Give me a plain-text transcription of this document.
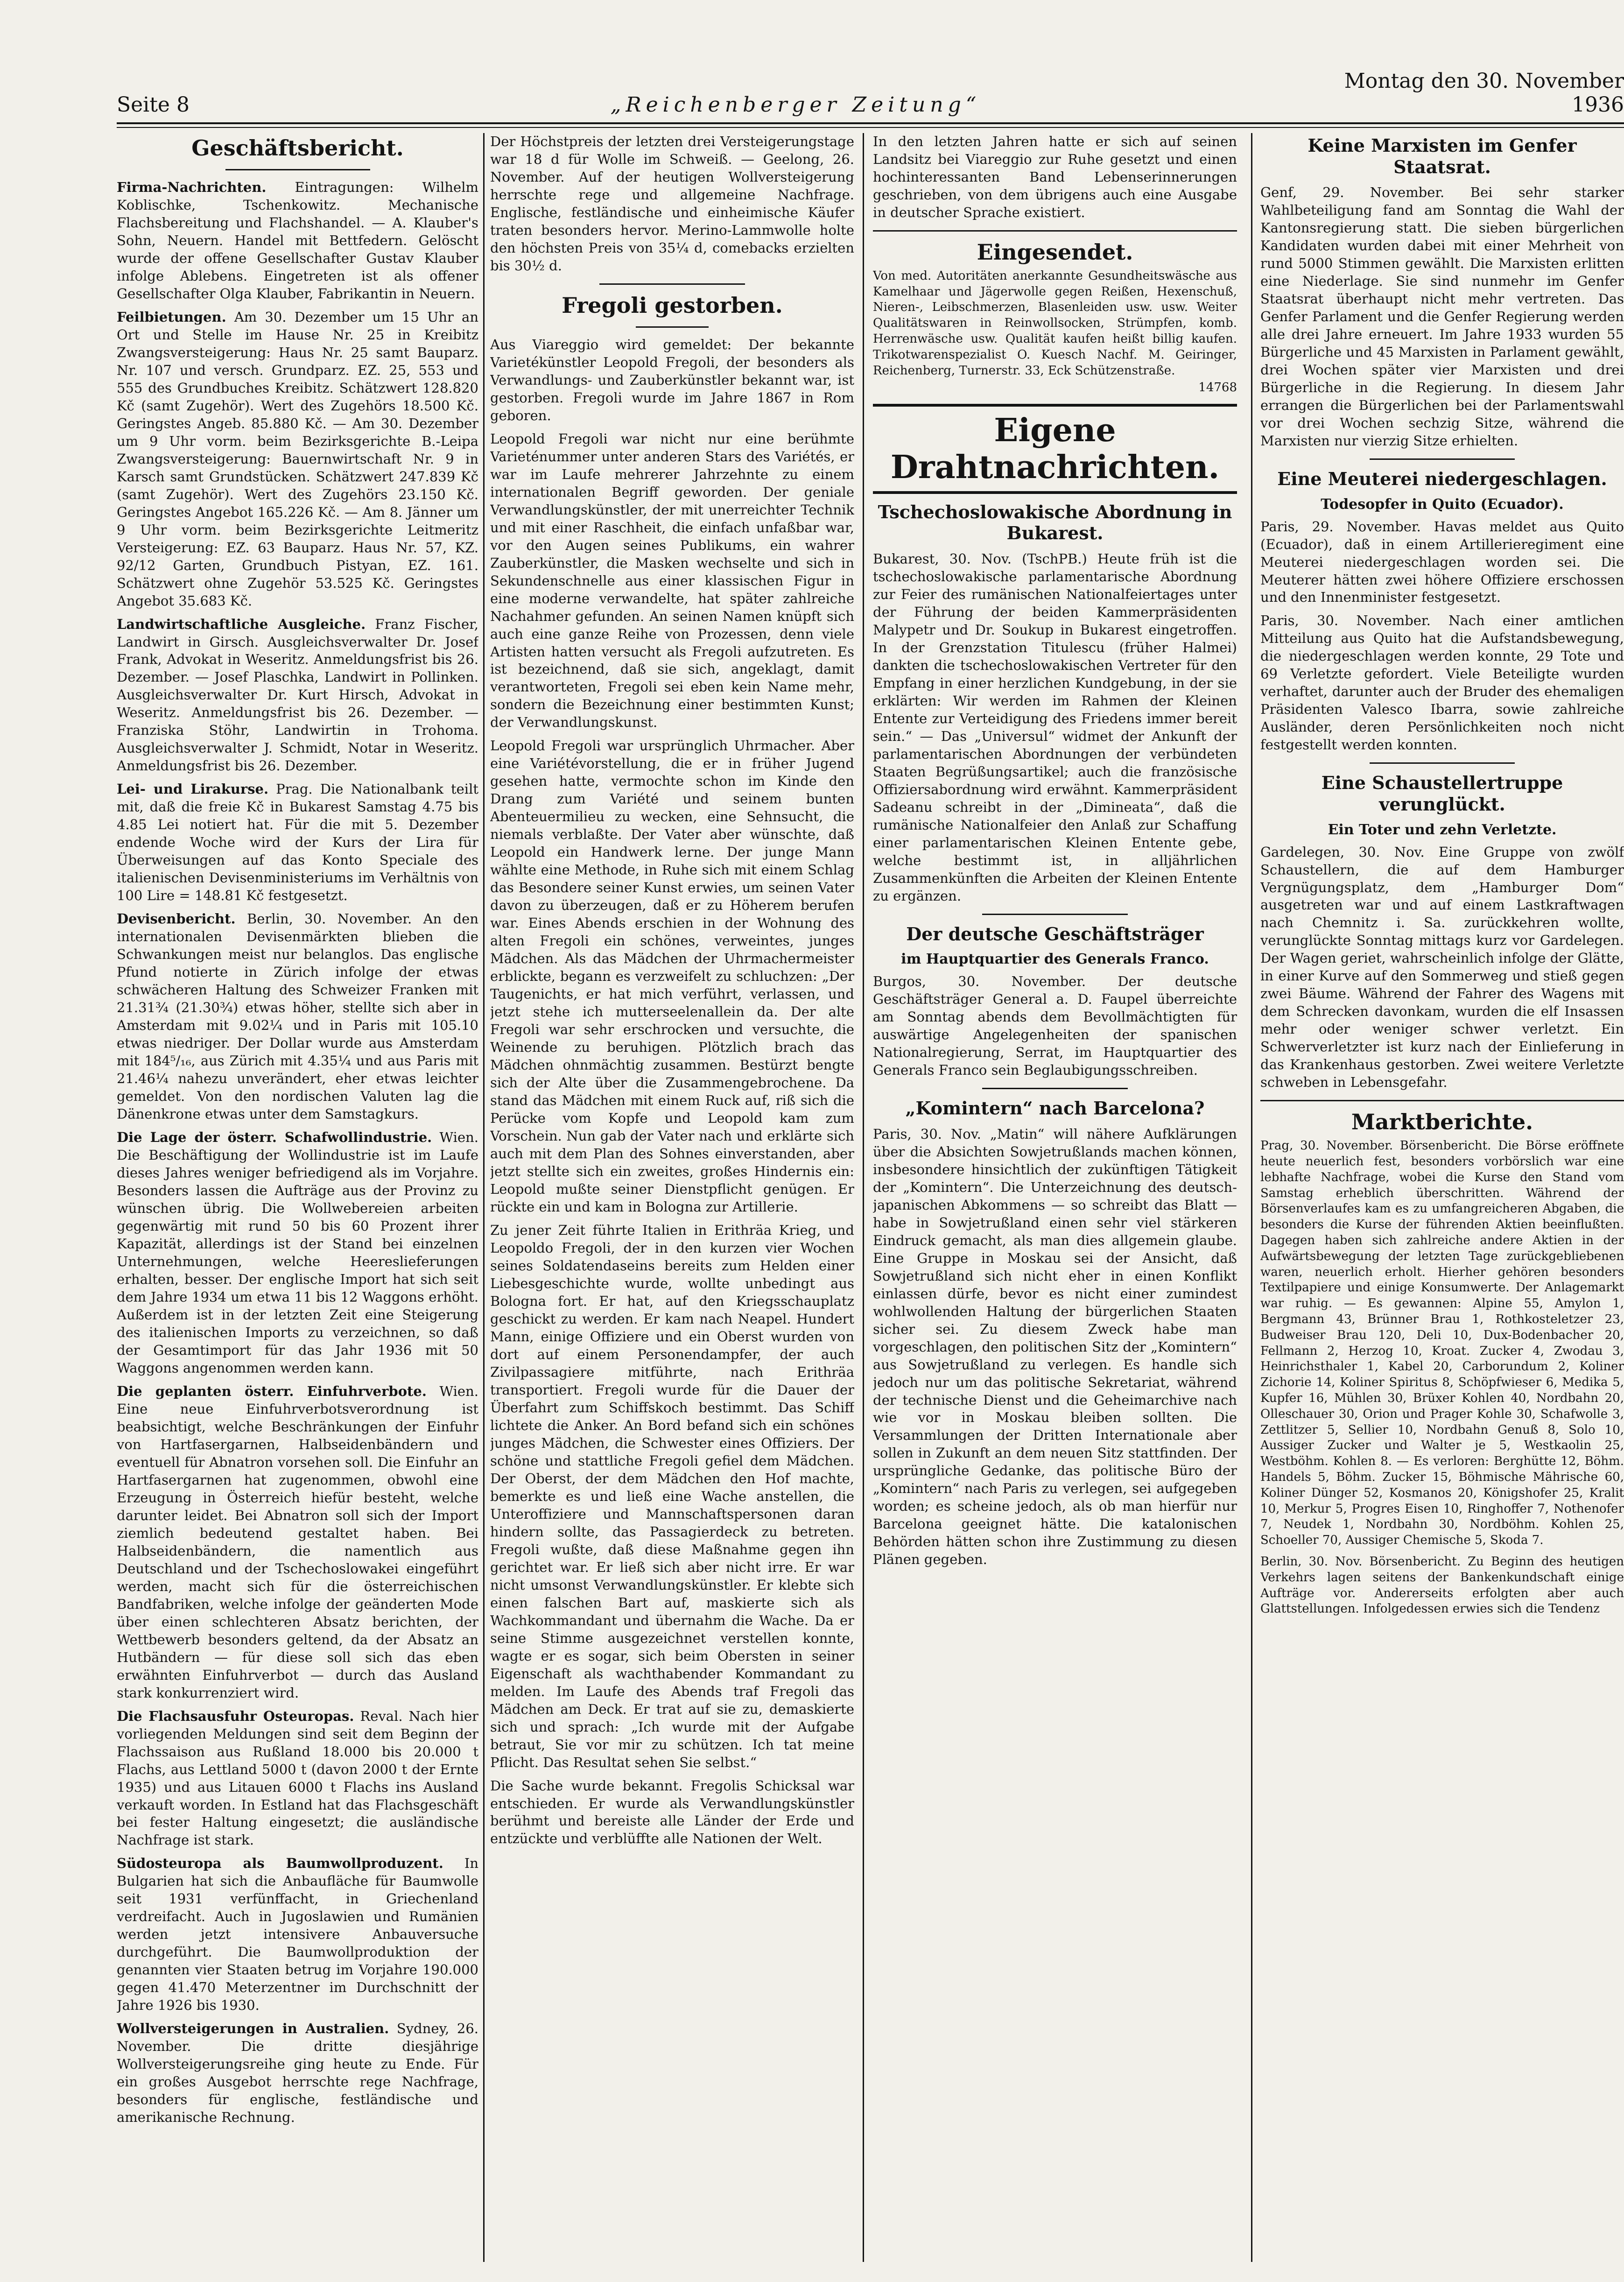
Seite 8	„Reichenberger Zeitung“
Montag den 30. November 1936
Geschäftsbericht.

Firma-Nachrichten. Eintragungen: Wilhelm Koblischke, Tschenkowitz. Mechanische Flachsbereitung und Flachshandel. — A. Klauber's Sohn, Neuern. Handel mit Bettfedern. Gelöscht wurde der offene Gesellschafter Gustav Klauber infolge Ablebens. Eingetreten ist als offener Gesellschafter Olga Klauber, Fabrikantin in Neuern.

Feilbietungen. Am 30. Dezember um 15 Uhr an Ort und Stelle im Hause Nr. 25 in Kreibitz Zwangsversteigerung: Haus Nr. 25 samt Bauparz. Nr. 107 und versch. Grundparz. EZ. 25, 553 und 555 des Grundbuches Kreibitz. Schätzwert 128.820 Kč (samt Zugehör). Wert des Zugehörs 18.500 Kč. Geringstes Angeb. 85.880 Kč. — Am 30. Dezember um 9 Uhr vorm. beim Bezirksgerichte B.-Leipa Zwangsversteigerung: Bauernwirtschaft Nr. 9 in Karsch samt Grundstücken. Schätzwert 247.839 Kč (samt Zugehör). Wert des Zugehörs 23.150 Kč. Geringstes Angebot 165.226 Kč. — Am 8. Jänner um 9 Uhr vorm. beim Bezirksgerichte Leitmeritz Versteigerung: EZ. 63 Bauparz. Haus Nr. 57, KZ. 92/12 Garten, Grundbuch Pistyan, EZ. 161. Schätzwert ohne Zugehör 53.525 Kč. Geringstes Angebot 35.683 Kč.

Landwirtschaftliche Ausgleiche. Franz Fischer, Landwirt in Girsch. Ausgleichsverwalter Dr. Josef Frank, Advokat in Weseritz. Anmeldungsfrist bis 26. Dezember. — Josef Plaschka, Landwirt in Pollinken. Ausgleichsverwalter Dr. Kurt Hirsch, Advokat in Weseritz. Anmeldungsfrist bis 26. Dezember. — Franziska Stöhr, Landwirtin in Trohoma. Ausgleichsverwalter J. Schmidt, Notar in Weseritz. Anmeldungsfrist bis 26. Dezember.

Lei- und Lirakurse. Prag. Die Nationalbank teilt mit, daß die freie Kč in Bukarest Samstag 4.75 bis 4.85 Lei notiert hat. Für die mit 5. Dezember endende Woche wird der Kurs der Lira für Überweisungen auf das Konto Speciale des italienischen Devisenministeriums im Verhältnis von 100 Lire = 148.81 Kč festgesetzt.

Devisenbericht. Berlin, 30. November. An den internationalen Devisenmärkten blieben die Schwankungen meist nur belanglos. Das englische Pfund notierte in Zürich infolge der etwas schwächeren Haltung des Schweizer Franken mit 21.31¾ (21.30¾) etwas höher, stellte sich aber in Amsterdam mit 9.02¼ und in Paris mit 105.10 etwas niedriger. Der Dollar wurde aus Amsterdam mit 184⁵/₁₆, aus Zürich mit 4.35¼ und aus Paris mit 21.46¼ nahezu unverändert, eher etwas leichter gemeldet. Von den nordischen Valuten lag die Dänenkrone etwas unter dem Samstagkurs.

Die Lage der österr. Schafwollindustrie. Wien. Die Beschäftigung der Wollindustrie ist im Laufe dieses Jahres weniger befriedigend als im Vorjahre. Besonders lassen die Aufträge aus der Provinz zu wünschen übrig. Die Wollwebereien arbeiten gegenwärtig mit rund 50 bis 60 Prozent ihrer Kapazität, allerdings ist der Stand bei einzelnen Unternehmungen, welche Heereslieferungen erhalten, besser. Der englische Import hat sich seit dem Jahre 1934 um etwa 11 bis 12 Waggons erhöht. Außerdem ist in der letzten Zeit eine Steigerung des italienischen Imports zu verzeichnen, so daß der Gesamtimport für das Jahr 1936 mit 50 Waggons angenommen werden kann.

Die geplanten österr. Einfuhrverbote. Wien. Eine neue Einfuhrverbotsverordnung ist beabsichtigt, welche Beschränkungen der Einfuhr von Hartfasergarnen, Halbseidenbändern und eventuell für Abnatron vorsehen soll. Die Einfuhr an Hartfasergarnen hat zugenommen, obwohl eine Erzeugung in Österreich hiefür besteht, welche darunter leidet. Bei Abnatron soll sich der Import ziemlich bedeutend gestaltet haben. Bei Halbseidenbändern, die namentlich aus Deutschland und der Tschechoslowakei eingeführt werden, macht sich für die österreichischen Bandfabriken, welche infolge der geänderten Mode über einen schlechteren Absatz berichten, der Wettbewerb besonders geltend, da der Absatz an Hutbändern — für diese soll sich das eben erwähnten Einfuhrverbot — durch das Ausland stark konkurrenziert wird.

Die Flachsausfuhr Osteuropas. Reval. Nach hier vorliegenden Meldungen sind seit dem Beginn der Flachssaison aus Rußland 18.000 bis 20.000 t Flachs, aus Lettland 5000 t (davon 2000 t der Ernte 1935) und aus Litauen 6000 t Flachs ins Ausland verkauft worden. In Estland hat das Flachsgeschäft bei fester Haltung eingesetzt; die ausländische Nachfrage ist stark.

Südosteuropa als Baumwollproduzent. In Bulgarien hat sich die Anbaufläche für Baumwolle seit 1931 verfünffacht, in Griechenland verdreifacht. Auch in Jugoslawien und Rumänien werden jetzt intensivere Anbauversuche durchgeführt. Die Baumwollproduktion der genannten vier Staaten betrug im Vorjahre 190.000 gegen 41.470 Meterzentner im Durchschnitt der Jahre 1926 bis 1930.

Wollversteigerungen in Australien. Sydney, 26. November. Die dritte diesjährige Wollversteigerungsreihe ging heute zu Ende. Für ein großes Ausgebot herrschte rege Nachfrage, besonders für englische, festländische und amerikanische Rechnung.

Der Höchstpreis der letzten drei Versteigerungstage war 18 d für Wolle im Schweiß. — Geelong, 26. November. Auf der heutigen Wollversteigerung herrschte rege und allgemeine Nachfrage. Englische, festländische und einheimische Käufer traten besonders hervor. Merino-Lammwolle holte den höchsten Preis von 35¼ d, comebacks erzielten bis 30½ d.

Fregoli gestorben.

Aus Viareggio wird gemeldet: Der bekannte Varietékünstler Leopold Fregoli, der besonders als Verwandlungs- und Zauberkünstler bekannt war, ist gestorben. Fregoli wurde im Jahre 1867 in Rom geboren.

Leopold Fregoli war nicht nur eine berühmte Varieténummer unter anderen Stars des Variétés, er war im Laufe mehrerer Jahrzehnte zu einem internationalen Begriff geworden. Der geniale Verwandlungskünstler, der mit unerreichter Technik und mit einer Raschheit, die einfach unfaßbar war, vor den Augen seines Publikums, ein wahrer Zauberkünstler, die Masken wechselte und sich in Sekundenschnelle aus einer klassischen Figur in eine moderne verwandelte, hat später zahlreiche Nachahmer gefunden. An seinen Namen knüpft sich auch eine ganze Reihe von Prozessen, denn viele Artisten hatten versucht als Fregoli aufzutreten. Es ist bezeichnend, daß sie sich, angeklagt, damit verantworteten, Fregoli sei eben kein Name mehr, sondern die Bezeichnung einer bestimmten Kunst; der Verwandlungskunst.

Leopold Fregoli war ursprünglich Uhrmacher. Aber eine Variétévorstellung, die er in früher Jugend gesehen hatte, vermochte schon im Kinde den Drang zum Variété und seinem bunten Abenteuermilieu zu wecken, eine Sehnsucht, die niemals verblaßte. Der Vater aber wünschte, daß Leopold ein Handwerk lerne. Der junge Mann wählte eine Methode, in Ruhe sich mit einem Schlag das Besondere seiner Kunst erwies, um seinen Vater davon zu überzeugen, daß er zu Höherem berufen war. Eines Abends erschien in der Wohnung des alten Fregoli ein schönes, verweintes, junges Mädchen. Als das Mädchen der Uhrmachermeister erblickte, begann es verzweifelt zu schluchzen: „Der Taugenichts, er hat mich verführt, verlassen, und jetzt stehe ich mutterseelenallein da. Der alte Fregoli war sehr erschrocken und versuchte, die Weinende zu beruhigen. Plötzlich brach das Mädchen ohnmächtig zusammen. Bestürzt bengte sich der Alte über die Zusammengebrochene. Da stand das Mädchen mit einem Ruck auf, riß sich die Perücke vom Kopfe und Leopold kam zum Vorschein. Nun gab der Vater nach und erklärte sich auch mit dem Plan des Sohnes einverstanden, aber jetzt stellte sich ein zweites, großes Hindernis ein: Leopold mußte seiner Dienstpflicht genügen. Er rückte ein und kam in Bologna zur Artillerie.

Zu jener Zeit führte Italien in Erithräa Krieg, und Leopoldo Fregoli, der in den kurzen vier Wochen seines Soldatendaseins bereits zum Helden einer Liebesgeschichte wurde, wollte unbedingt aus Bologna fort. Er hat, auf den Kriegsschauplatz geschickt zu werden. Er kam nach Neapel. Hundert Mann, einige Offiziere und ein Oberst wurden von dort auf einem Personendampfer, der auch Zivilpassagiere mitführte, nach Erithräa transportiert. Fregoli wurde für die Dauer der Überfahrt zum Schiffskoch bestimmt. Das Schiff lichtete die Anker. An Bord befand sich ein schönes junges Mädchen, die Schwester eines Offiziers. Der schöne und stattliche Fregoli gefiel dem Mädchen. Der Oberst, der dem Mädchen den Hof machte, bemerkte es und ließ eine Wache anstellen, die Unteroffiziere und Mannschaftspersonen daran hindern sollte, das Passagierdeck zu betreten. Fregoli wußte, daß diese Maßnahme gegen ihn gerichtet war. Er ließ sich aber nicht irre. Er war nicht umsonst Verwandlungskünstler. Er klebte sich einen falschen Bart auf, maskierte sich als Wachkommandant und übernahm die Wache. Da er seine Stimme ausgezeichnet verstellen konnte, wagte er es sogar, sich beim Obersten in seiner Eigenschaft als wachthabender Kommandant zu melden. Im Laufe des Abends traf Fregoli das Mädchen am Deck. Er trat auf sie zu, demaskierte sich und sprach: „Ich wurde mit der Aufgabe betraut, Sie vor mir zu schützen. Ich tat meine Pflicht. Das Resultat sehen Sie selbst.“

Die Sache wurde bekannt. Fregolis Schicksal war entschieden. Er wurde als Verwandlungskünstler berühmt und bereiste alle Länder der Erde und entzückte und verblüffte alle Nationen der Welt.

In den letzten Jahren hatte er sich auf seinen Landsitz bei Viareggio zur Ruhe gesetzt und einen hochinteressanten Band Lebenserinnerungen geschrieben, von dem übrigens auch eine Ausgabe in deutscher Sprache existiert.

Eingesendet.

Von med. Autoritäten anerkannte Gesundheitswäsche aus Kamelhaar und Jägerwolle gegen Reißen, Hexenschuß, Nieren-, Leibschmerzen, Blasenleiden usw. usw. Weiter Qualitätswaren in Reinwollsocken, Strümpfen, komb. Herrenwäsche usw. Qualität kaufen heißt billig kaufen. Trikotwarenspezialist O. Kuesch Nachf. M. Geiringer, Reichenberg, Turnerstr. 33, Eck Schützenstraße.

14768
Eigene Drahtnachrichten.
Tschechoslowakische Abordnung in Bukarest.

Bukarest, 30. Nov. (TschPB.) Heute früh ist die tschechoslowakische parlamentarische Abordnung zur Feier des rumänischen Nationalfeiertages unter der Führung der beiden Kammerpräsidenten Malypetr und Dr. Soukup in Bukarest eingetroffen. In der Grenzstation Titulescu (früher Halmei) dankten die tschechoslowakischen Vertreter für den Empfang in einer herzlichen Kundgebung, in der sie erklärten: Wir werden im Rahmen der Kleinen Entente zur Verteidigung des Friedens immer bereit sein.“ — Das „Universul“ widmet der Ankunft der parlamentarischen Abordnungen der verbündeten Staaten Begrüßungsartikel; auch die französische Offiziersabordnung wird erwähnt. Kammerpräsident Sadeanu schreibt in der „Dimineata“, daß die rumänische Nationalfeier den Anlaß zur Schaffung einer parlamentarischen Kleinen Entente gebe, welche bestimmt ist, in alljährlichen Zusammenkünften die Arbeiten der Kleinen Entente zu ergänzen.

Der deutsche Geschäftsträger
im Hauptquartier des Generals Franco.

Burgos, 30. November. Der deutsche Geschäftsträger General a. D. Faupel überreichte am Sonntag abends dem Bevollmächtigten für auswärtige Angelegenheiten der spanischen Nationalregierung, Serrat, im Hauptquartier des Generals Franco sein Beglaubigungsschreiben.

„Komintern“ nach Barcelona?

Paris, 30. Nov. „Matin“ will nähere Aufklärungen über die Absichten Sowjetrußlands machen können, insbesondere hinsichtlich der zukünftigen Tätigkeit der „Komintern“. Die Unterzeichnung des deutsch-japanischen Abkommens — so schreibt das Blatt — habe in Sowjetrußland einen sehr viel stärkeren Eindruck gemacht, als man dies allgemein glaube. Eine Gruppe in Moskau sei der Ansicht, daß Sowjetrußland sich nicht eher in einen Konflikt einlassen dürfe, bevor es nicht einer zumindest wohlwollenden Haltung der bürgerlichen Staaten sicher sei. Zu diesem Zweck habe man vorgeschlagen, den politischen Sitz der „Komintern“ aus Sowjetrußland zu verlegen. Es handle sich jedoch nur um das politische Sekretariat, während der technische Dienst und die Geheimarchive nach wie vor in Moskau bleiben sollten. Die Versammlungen der Dritten Internationale aber sollen in Zukunft an dem neuen Sitz stattfinden. Der ursprüngliche Gedanke, das politische Büro der „Komintern“ nach Paris zu verlegen, sei aufgegeben worden; es scheine jedoch, als ob man hierfür nur Barcelona geeignet hätte. Die katalonischen Behörden hätten schon ihre Zustimmung zu diesen Plänen gegeben.

Keine Marxisten im Genfer Staatsrat.

Genf, 29. November. Bei sehr starker Wahlbeteiligung fand am Sonntag die Wahl der Kantonsregierung statt. Die sieben bürgerlichen Kandidaten wurden dabei mit einer Mehrheit von rund 5000 Stimmen gewählt. Die Marxisten erlitten eine Niederlage. Sie sind nunmehr im Genfer Staatsrat überhaupt nicht mehr vertreten. Das Genfer Parlament und die Genfer Regierung werden alle drei Jahre erneuert. Im Jahre 1933 wurden 55 Bürgerliche und 45 Marxisten in Parlament gewählt, drei Wochen später vier Marxisten und drei Bürgerliche in die Regierung. In diesem Jahr errangen die Bürgerlichen bei der Parlamentswahl vor drei Wochen sechzig Sitze, während die Marxisten nur vierzig Sitze erhielten.

Eine Meuterei niedergeschlagen.
Todesopfer in Quito (Ecuador).

Paris, 29. November. Havas meldet aus Quito (Ecuador), daß in einem Artillerieregiment eine Meuterei niedergeschlagen worden sei. Die Meuterer hätten zwei höhere Offiziere erschossen und den Innenminister festgesetzt.

Paris, 30. November. Nach einer amtlichen Mitteilung aus Quito hat die Aufstandsbewegung, die niedergeschlagen werden konnte, 29 Tote und 69 Verletzte gefordert. Viele Beteiligte wurden verhaftet, darunter auch der Bruder des ehemaligen Präsidenten Valesco Ibarra, sowie zahlreiche Ausländer, deren Persönlichkeiten noch nicht festgestellt werden konnten.

Eine Schaustellertruppe verunglückt.
Ein Toter und zehn Verletzte.

Gardelegen, 30. Nov. Eine Gruppe von zwölf Schaustellern, die auf dem Hamburger Vergnügungsplatz, dem „Hamburger Dom“ ausgetreten war und auf einem Lastkraftwagen nach Chemnitz i. Sa. zurückkehren wollte, verunglückte Sonntag mittags kurz vor Gardelegen. Der Wagen geriet, wahrscheinlich infolge der Glätte, in einer Kurve auf den Sommerweg und stieß gegen zwei Bäume. Während der Fahrer des Wagens mit dem Schrecken davonkam, wurden die elf Insassen mehr oder weniger schwer verletzt. Ein Schwerverletzter ist kurz nach der Einlieferung in das Krankenhaus gestorben. Zwei weitere Verletzte schweben in Lebensgefahr.

Marktberichte.

Prag, 30. November. Börsenbericht. Die Börse eröffnete heute neuerlich fest, besonders vorbörslich war eine lebhafte Nachfrage, wobei die Kurse den Stand vom Samstag erheblich überschritten. Während der Börsenverlaufes kam es zu umfangreicheren Abgaben, die besonders die Kurse der führenden Aktien beeinflußten. Dagegen haben sich zahlreiche andere Aktien in der Aufwärtsbewegung der letzten Tage zurückgebliebenen waren, neuerlich erholt. Hierher gehören besonders Textilpapiere und einige Konsumwerte. Der Anlagemarkt war ruhig. — Es gewannen: Alpine 55, Amylon 1, Bergmann 43, Brünner Brau 1, Rothkosteletzer 23, Budweiser Brau 120, Deli 10, Dux-Bodenbacher 20, Fellmann 2, Herzog 10, Kroat. Zucker 4, Zwodau 3, Heinrichsthaler 1, Kabel 20, Carborundum 2, Koliner Zichorie 14, Koliner Spiritus 8, Schöpfwieser 6, Medika 5, Kupfer 16, Mühlen 30, Brüxer Kohlen 40, Nordbahn 20, Olleschauer 30, Orion und Prager Kohle 30, Schafwolle 3, Zettlitzer 5, Sellier 10, Nordbahn Genuß 8, Solo 10, Aussiger Zucker und Walter je 5, Westkaolin 25, Westböhm. Kohlen 8. — Es verloren: Berghütte 12, Böhm. Handels 5, Böhm. Zucker 15, Böhmische Mährische 60, Koliner Dünger 52, Kosmanos 20, Königshofer 25, Kralit 10, Merkur 5, Progres Eisen 10, Ringhoffer 7, Nothenofer 7, Neudek 1, Nordbahn 30, Nordböhm. Kohlen 25, Schoeller 70, Aussiger Chemische 5, Skoda 7.

Berlin, 30. Nov. Börsenbericht. Zu Beginn des heutigen Verkehrs lagen seitens der Bankenkundschaft einige Aufträge vor. Andererseits erfolgten aber auch Glattstellungen. Infolgedessen erwies sich die Tendenz
